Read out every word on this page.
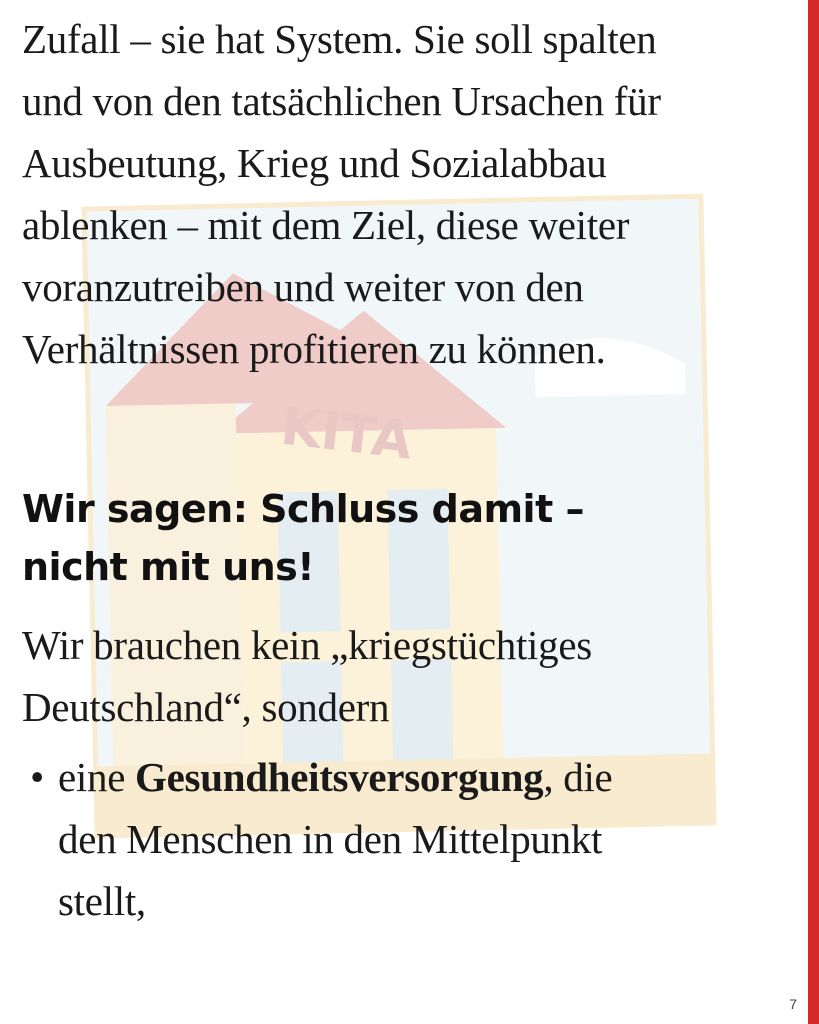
KITA

Zufall – sie hat System. Sie soll spalten
und von den tatsächlichen Ursachen für
Ausbeutung, Krieg und Sozialabbau
ablenken – mit dem Ziel, diese weiter
voranzutreiben und weiter von den
Verhältnissen profitieren zu können.

Wir sagen: Schluss damit –
nicht mit uns!

Wir brauchen kein „kriegstüchtiges
Deutschland“, sondern

• eine Gesundheitsversorgung, die
den Menschen in den Mittelpunkt
stellt,
7
